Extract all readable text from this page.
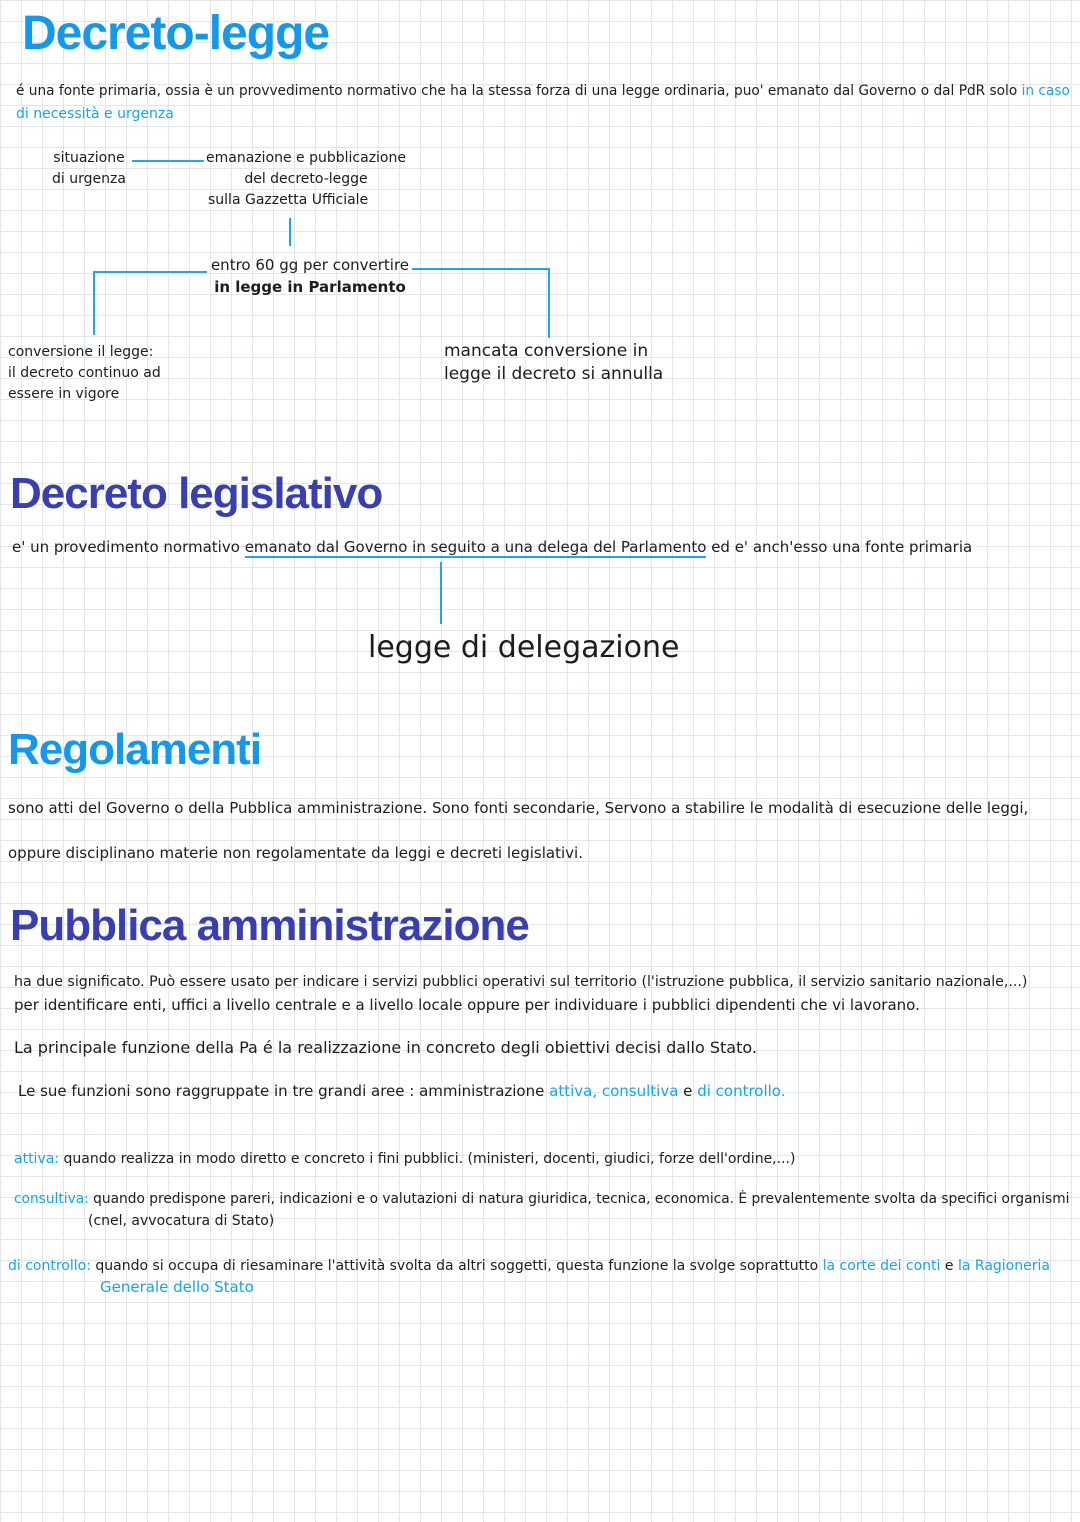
Decreto-legge
é una fonte primaria, ossia è un provvedimento normativo che ha la stessa forza di una legge ordinaria, puo' emanato dal Governo o dal PdR solo in caso
di necessità e urgenza
situazione
di urgenza
emanazione e pubblicazione
del decreto-legge
sulla Gazzetta Ufficiale
entro 60 gg per convertire
in legge in Parlamento
conversione il legge:
il decreto continuo ad
essere in vigore
mancata conversione in
legge il decreto si annulla
Decreto legislativo
e' un provedimento normativo emanato dal Governo in seguito a una delega del Parlamento ed e' anch'esso una fonte primaria
legge di delegazione
Regolamenti
sono atti del Governo o della Pubblica amministrazione. Sono fonti secondarie, Servono a stabilire le modalità di esecuzione delle leggi,
oppure disciplinano materie non regolamentate da leggi e decreti legislativi.
Pubblica amministrazione
ha due significato. Può essere usato per indicare i servizi pubblici operativi sul territorio (l'istruzione pubblica, il servizio sanitario nazionale,...)
per identificare enti, uffici a livello centrale e a livello locale oppure per individuare i pubblici dipendenti che vi lavorano.
La principale funzione della Pa é la realizzazione in concreto degli obiettivi decisi dallo Stato.
Le sue funzioni sono raggruppate in tre grandi aree : amministrazione attiva, consultiva e di controllo.
attiva: quando realizza in modo diretto e concreto i fini pubblici. (ministeri, docenti, giudici, forze dell'ordine,...)
consultiva: quando predispone pareri, indicazioni e o valutazioni di natura giuridica, tecnica, economica. È prevalentemente svolta da specifici organismi
(cnel, avvocatura di Stato)
di controllo: quando si occupa di riesaminare l'attività svolta da altri soggetti, questa funzione la svolge soprattutto la corte dei conti e la Ragioneria
Generale dello Stato
